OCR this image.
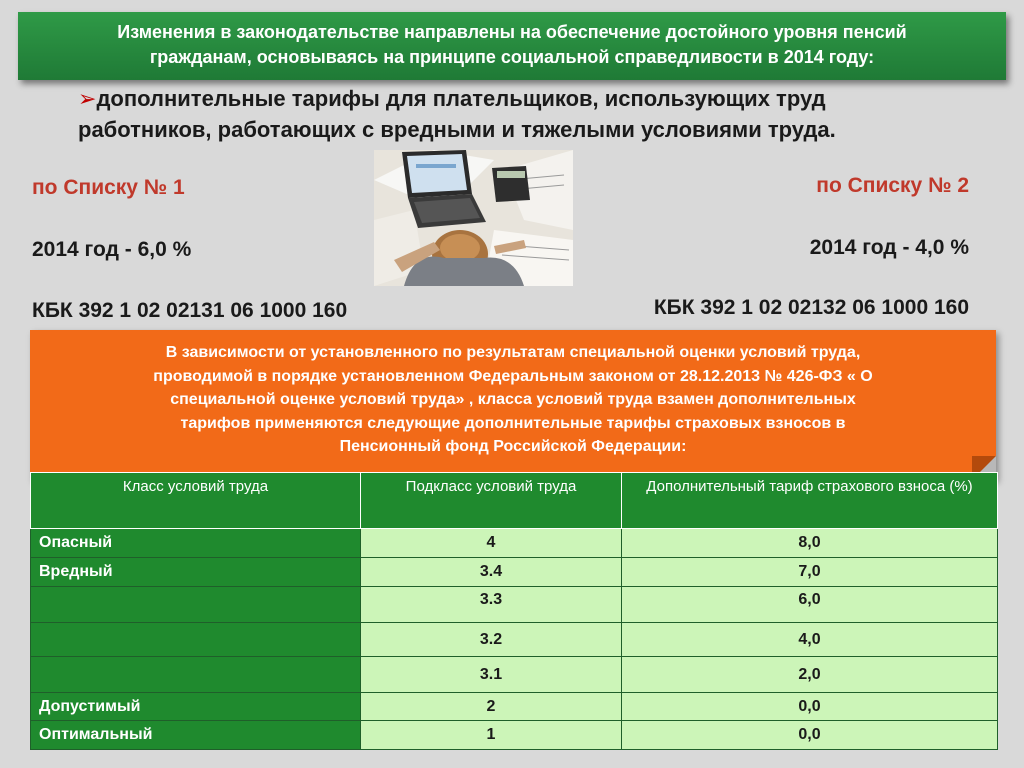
Изменения в законодательстве направлены на обеспечение достойного уровня пенсий
гражданам, основываясь на принципе социальной справедливости в 2014 году:
➢дополнительные тарифы для плательщиков, использующих труд
работников, работающих с вредными и тяжелыми условиями труда.
по Списку № 1
2014 год - 6,0 %
КБК 392 1 02 02131 06 1000 160
по Списку № 2
2014 год - 4,0 %
КБК 392 1 02 02132 06 1000 160
В зависимости от установленного по результатам специальной оценки условий труда,
проводимой в порядке установленном Федеральным законом от 28.12.2013 № 426-ФЗ « О
специальной оценке условий труда» , класса условий труда взамен дополнительных
тарифов применяются следующие дополнительные тарифы страховых взносов в
Пенсионный фонд Российской Федерации:
Класс условий труда	Подкласс условий труда	Дополнительный тариф страхового взноса (%)
Опасный	4	8,0
Вредный	3.4	7,0
	3.3	6,0
	3.2	4,0
	3.1	2,0
Допустимый	2	0,0
Оптимальный	1	0,0
